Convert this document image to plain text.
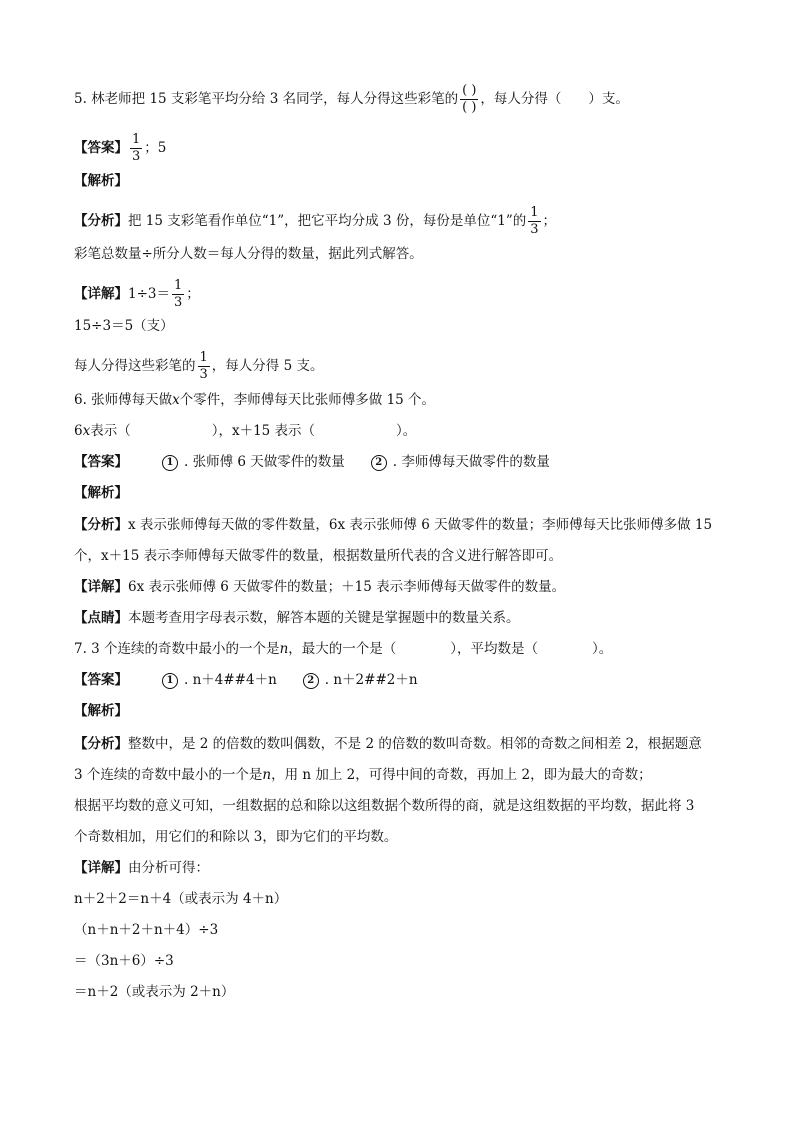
5. 林老师把 15 支彩笔平均分给 3 名同学，每人分得这些彩笔的 $\frac{( )}{( )}$ ，每人分得（　　）支。
【答案】 $\frac{1}{3}$ ；5
【解析】
【分析】把 15 支彩笔看作单位“1”，把它平均分成 3 份，每份是单位“1”的 $\frac{1}{3}$ ；
彩笔总数量÷所分人数＝每人分得的数量，据此列式解答。
【详解】$1\div 3= \frac{1}{3}$ ；
15÷3＝5（支）
每人分得这些彩笔的 $\frac{1}{3}$ ，每人分得 5 支。
6. 张师傅每天做x个零件，李师傅每天比张师傅多做 15 个。
6x表示（　　　　　　），x＋15 表示（　　　　　　）。
【答案】	1 . 张师傅 6 天做零件的数量	2 . 李师傅每天做零件的数量
【解析】
【分析】x 表示张师傅每天做的零件数量，6x 表示张师傅 6 天做零件的数量；李师傅每天比张师傅多做 15
个，x＋15 表示李师傅每天做零件的数量，根据数量所代表的含义进行解答即可。
【详解】6x 表示张师傅 6 天做零件的数量；＋15 表示李师傅每天做零件的数量。
【点睛】本题考查用字母表示数，解答本题的关键是掌握题中的数量关系。
7. 3 个连续的奇数中最小的一个是n，最大的一个是（　　　　），平均数是（　　　　）。
【答案】	1 . n＋4##4＋n	2 . n＋2##2＋n
【解析】
【分析】整数中，是 2 的倍数的数叫偶数，不是 2 的倍数的数叫奇数。相邻的奇数之间相差 2，根据题意
3 个连续的奇数中最小的一个是n，用 n 加上 2，可得中间的奇数，再加上 2，即为最大的奇数；
根据平均数的意义可知，一组数据的总和除以这组数据个数所得的商，就是这组数据的平均数，据此将 3
个奇数相加，用它们的和除以 3，即为它们的平均数。
【详解】由分析可得：
n＋2＋2＝n＋4（或表示为 4＋n）
（n＋n＋2＋n＋4）÷3
＝（3n＋6）÷3
＝n＋2（或表示为 2＋n）
